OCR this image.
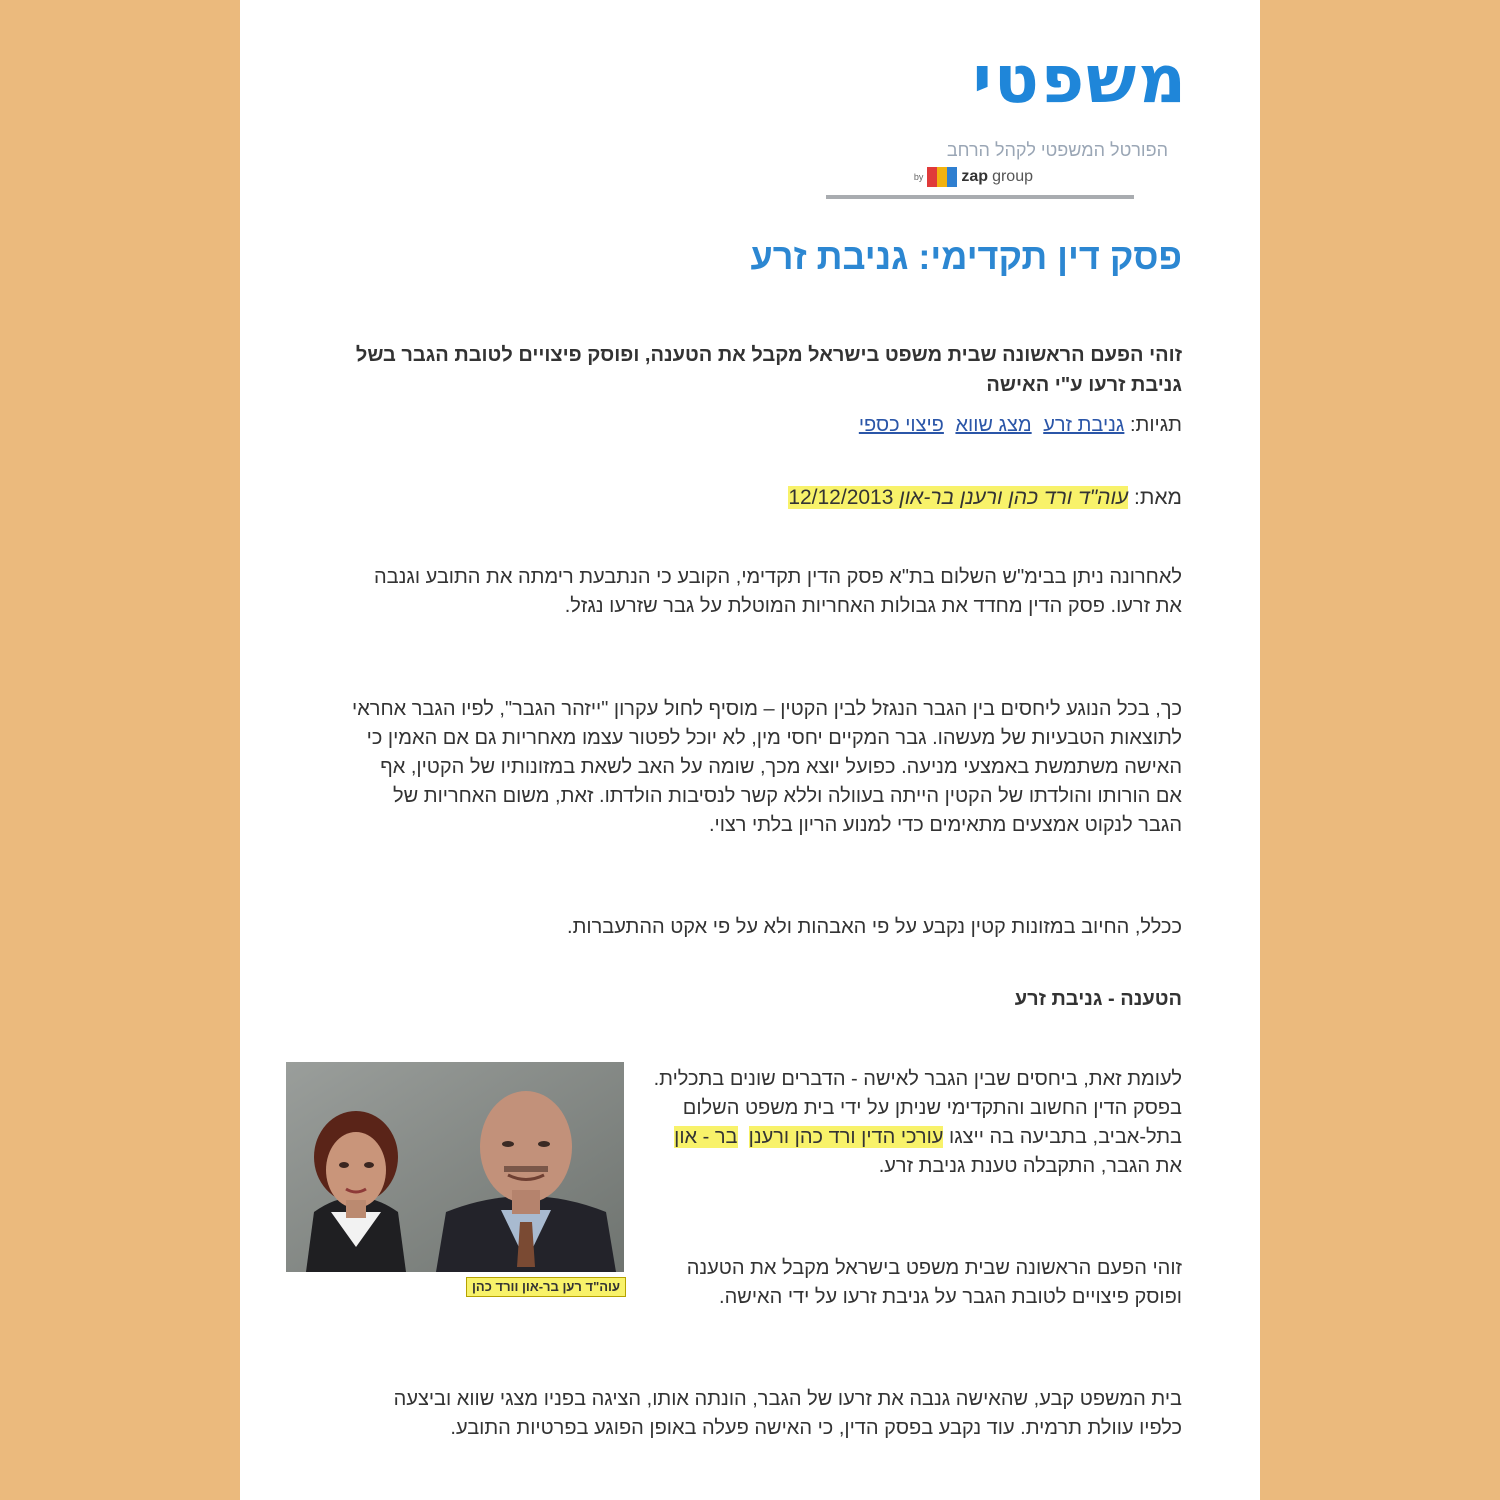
משפטי
הפורטל המשפטי לקהל הרחב
by zap group
פסק דין תקדימי: גניבת זרע
זוהי הפעם הראשונה שבית משפט בישראל מקבל את הטענה, ופוסק פיצויים לטובת הגבר בשל גניבת זרעו ע"י האישה
תגיות: גניבת זרע מצג שווא פיצוי כספי
מאת: עוה"ד ורד כהן ורענן בר-און 12/12/2013

לאחרונה ניתן בבימ"ש השלום בת"א פסק הדין תקדימי, הקובע כי הנתבעת רימתה את התובע וגנבה את זרעו. פסק הדין מחדד את גבולות האחריות המוטלת על גבר שזרעו נגזל.

כך, בכל הנוגע ליחסים בין הגבר הנגזל לבין הקטין – מוסיף לחול עקרון "ייזהר הגבר", לפיו הגבר אחראי לתוצאות הטבעיות של מעשהו. גבר המקיים יחסי מין, לא יוכל לפטור עצמו מאחריות גם אם האמין כי האישה משתמשת באמצעי מניעה. כפועל יוצא מכך, שומה על האב לשאת במזונותיו של הקטין, אף אם הורותו והולדתו של הקטין הייתה בעוולה וללא קשר לנסיבות הולדתו. זאת, משום האחריות של הגבר לנקוט אמצעים מתאימים כדי למנוע הריון בלתי רצוי.

ככלל, החיוב במזונות קטין נקבע על פי האבהות ולא על פי אקט ההתעברות.

הטענה - גניבת זרע

לעומת זאת, ביחסים שבין הגבר לאישה - הדברים שונים בתכלית. בפסק הדין החשוב והתקדימי שניתן על ידי בית משפט השלום בתל-אביב, בתביעה בה ייצגו עורכי הדין ורד כהן ורענן  בר - און את הגבר, התקבלה טענת גניבת זרע.

זוהי הפעם הראשונה שבית משפט בישראל מקבל את הטענה ופוסק פיצויים לטובת הגבר על גניבת זרעו על ידי האישה.

עוה"ד רען בר-און וורד כהן

בית המשפט קבע, שהאישה גנבה את זרעו של הגבר, הונתה אותו, הציגה בפניו מצגי שווא וביצעה כלפיו עוולת תרמית. עוד נקבע בפסק הדין, כי האישה פעלה באופן הפוגע בפרטיות התובע.
